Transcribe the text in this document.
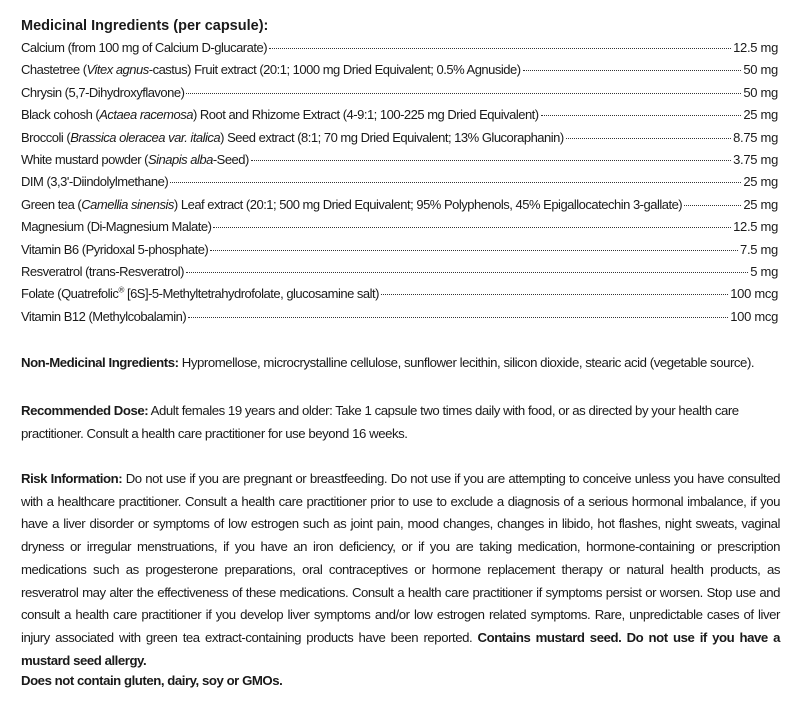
Medicinal Ingredients (per capsule):
Calcium (from 100 mg of Calcium D-glucarate)	12.5 mg
Chastetree (Vitex agnus-castus) Fruit extract (20:1; 1000 mg Dried Equivalent; 0.5% Agnuside)	50 mg
Chrysin (5,7-Dihydroxyflavone)	50 mg
Black cohosh (Actaea racemosa) Root and Rhizome Extract (4-9:1; 100-225 mg Dried Equivalent)	25 mg
Broccoli (Brassica oleracea var. italica) Seed extract (8:1; 70 mg Dried Equivalent; 13% Glucoraphanin)	8.75 mg
White mustard powder (Sinapis alba-Seed)	3.75 mg
DIM (3,3'-Diindolylmethane)	25 mg
Green tea (Camellia sinensis) Leaf extract (20:1; 500 mg Dried Equivalent; 95% Polyphenols, 45% Epigallocatechin 3-gallate)	25 mg
Magnesium (Di-Magnesium Malate)	12.5 mg
Vitamin B6 (Pyridoxal 5-phosphate)	7.5 mg
Resveratrol (trans-Resveratrol)	5 mg
Folate (Quatrefolic® [6S]-5-Methyltetrahydrofolate, glucosamine salt)	100 mcg
Vitamin B12 (Methylcobalamin)	100 mcg

Non-Medicinal Ingredients: Hypromellose, microcrystalline cellulose, sunflower lecithin, silicon dioxide, stearic acid (vegetable source).

Recommended Dose: Adult females 19 years and older: Take 1 capsule two times daily with food, or as directed by your health care practitioner. Consult a health care practitioner for use beyond 16 weeks.

Risk Information: Do not use if you are pregnant or breastfeeding. Do not use if you are attempting to conceive unless you have consulted with a healthcare practitioner. Consult a health care practitioner prior to use to exclude a diagnosis of a serious hormonal imbalance, if you have a liver disorder or symptoms of low estrogen such as joint pain, mood changes, changes in libido, hot flashes, night sweats, vaginal dryness or irregular menstruations, if you have an iron deficiency, or if you are taking medication, hormone-containing or prescription medications such as progesterone preparations, oral contraceptives or hormone replacement therapy or natural health products, as resveratrol may alter the effectiveness of these medications. Consult a health care practitioner if symptoms persist or worsen. Stop use and consult a health care practitioner if you develop liver symptoms and/or low estrogen related symptoms. Rare, unpredictable cases of liver injury associated with green tea extract-containing products have been reported. Contains mustard seed. Do not use if you have a mustard seed allergy.

Does not contain gluten, dairy, soy or GMOs.
